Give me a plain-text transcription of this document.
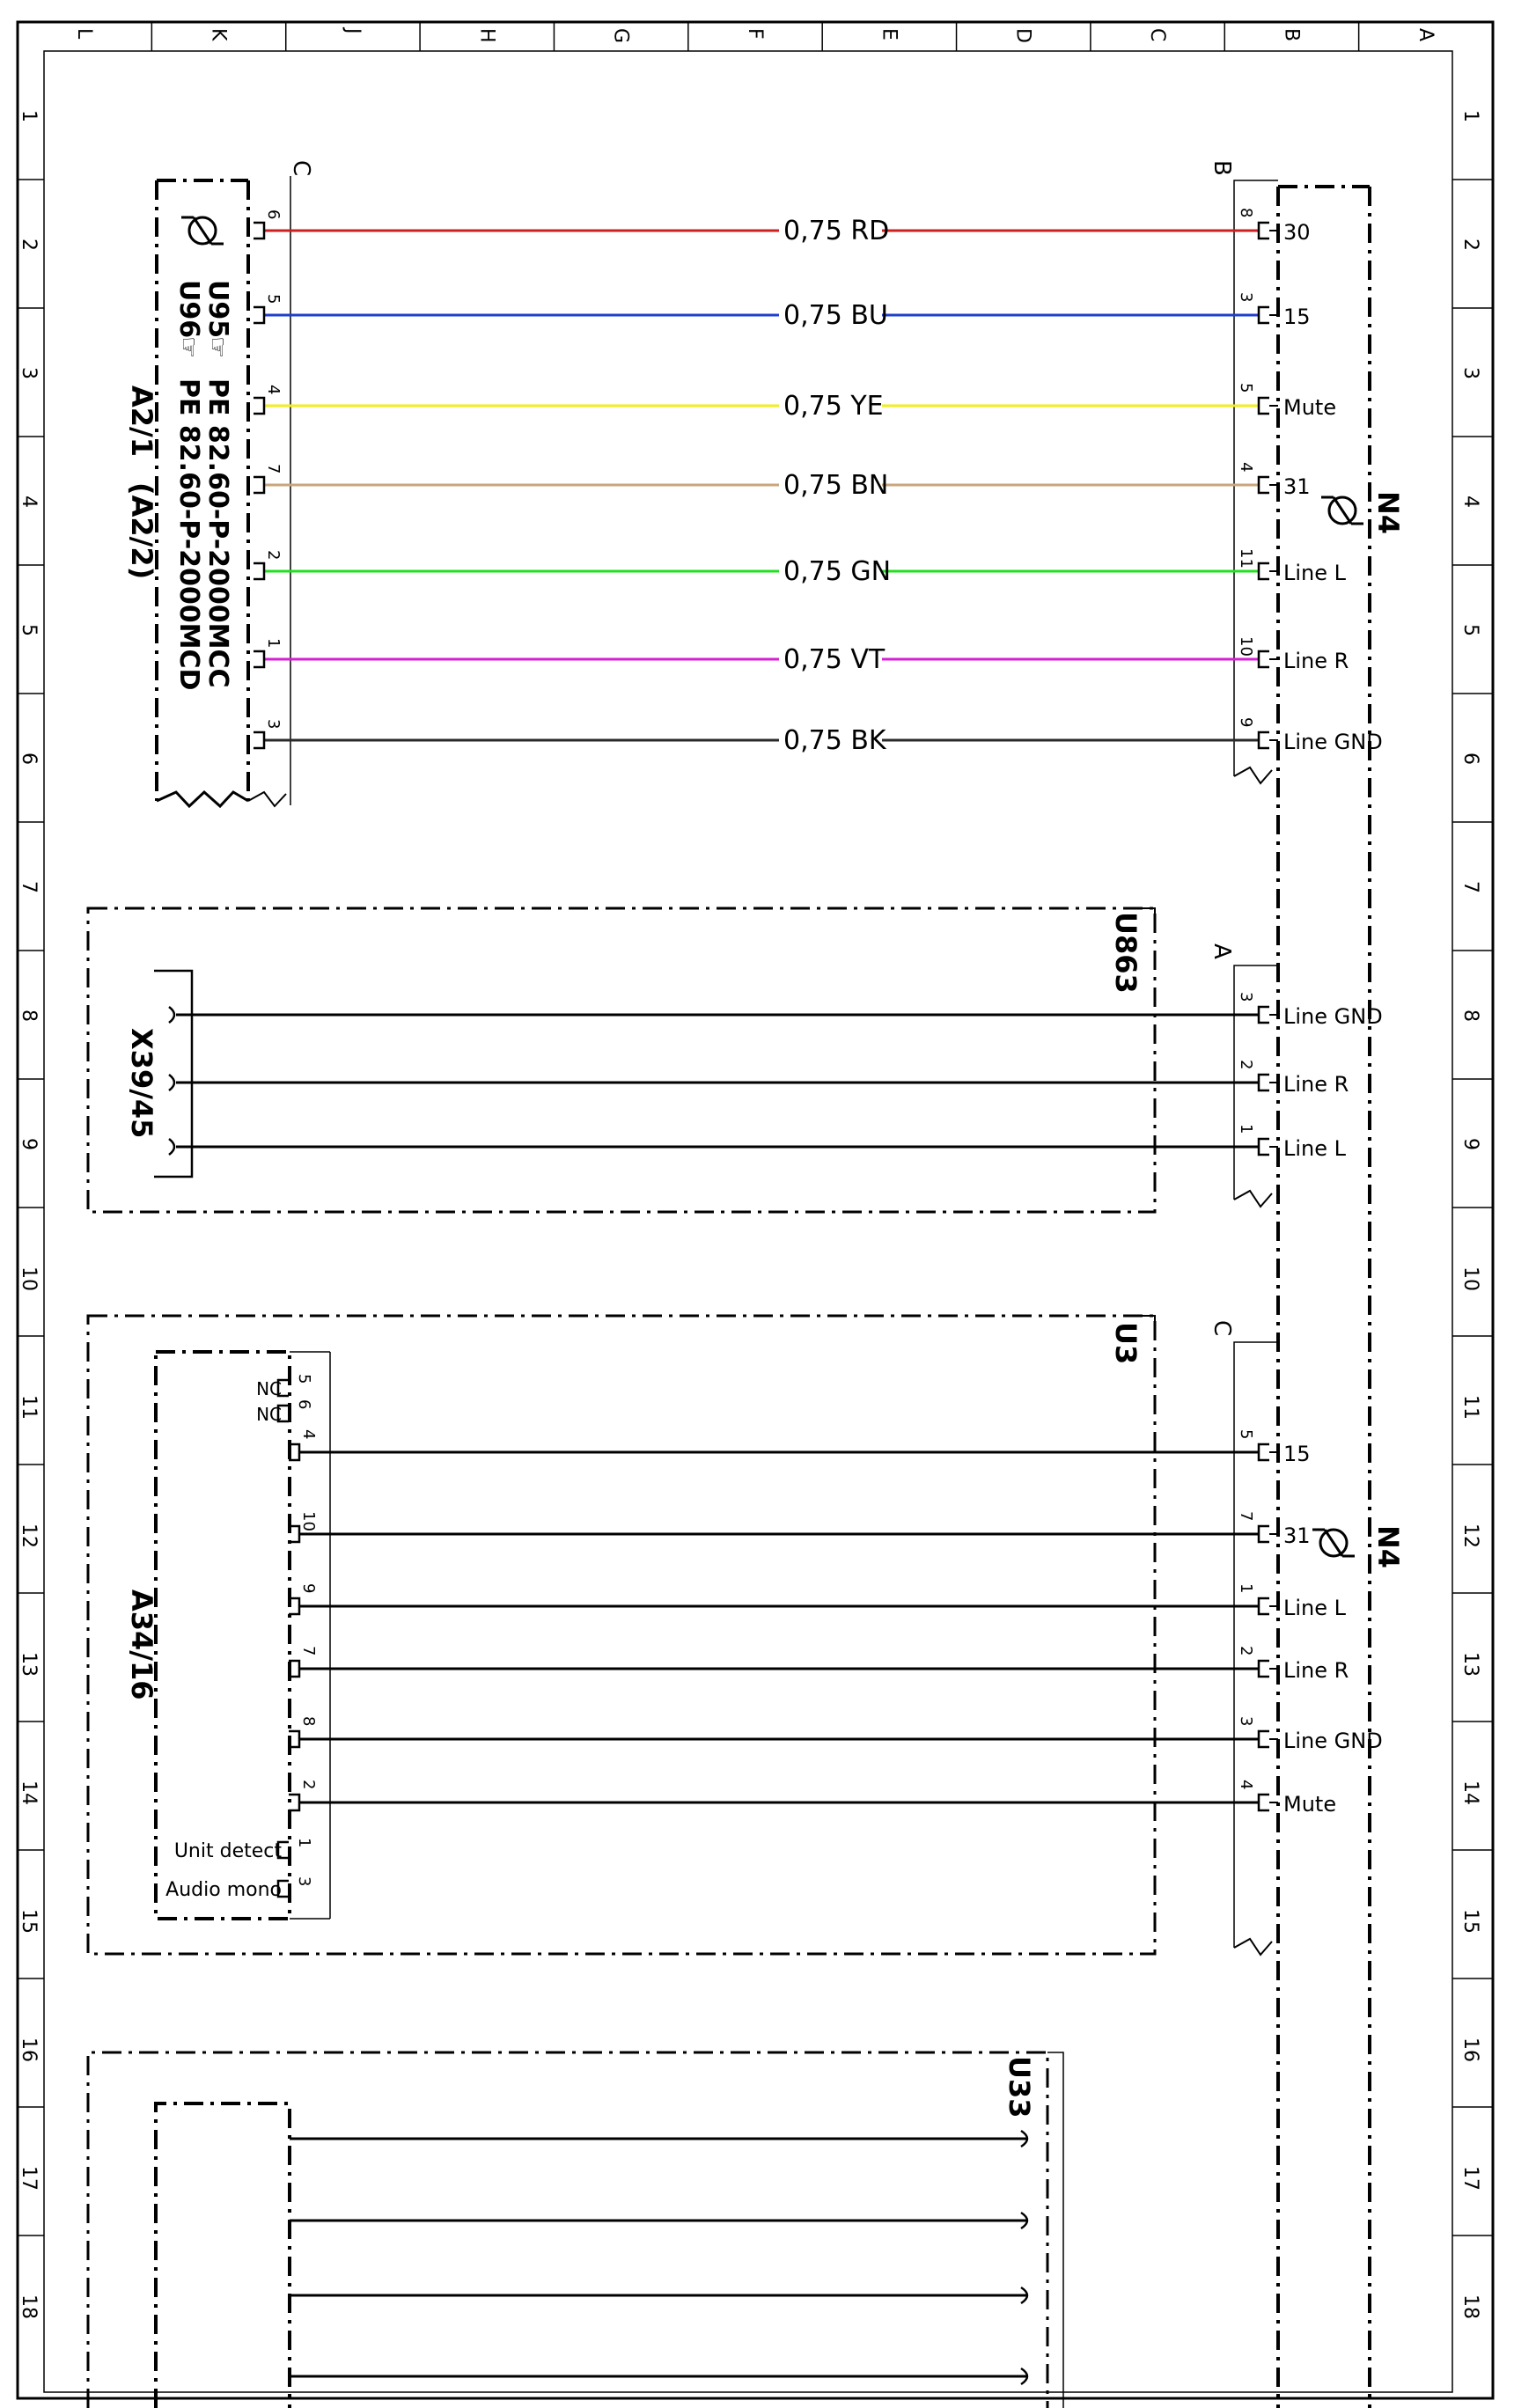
L	K	J	H	G	F	E	D	C	B	A
1	1
2	2
3	3
4	4
5	5
6	6
7	7
8	8
9	9
10	10
11	11
12	12
13	13
14	14
15	15
16	16
17	17
18	18
U95
U96
☞
☞
PE 82.60-P-2000MCC
PE 82.60-P-2000MCD
A2/1
(A2/2)
C	B
N4
0,75 RD
6	8
30
0,75 BU
5	3
15
0,75 YE
4	5
Mute
0,75 BN
7	4
31
0,75 GN
2	11
Line L
0,75 VT
1	10
Line R
0,75 BK
3	9
Line GND
U863
X39/45
A
3
Line GND
2
Line R
1
Line L
U3
A34/16
C
N4
NC 5
NC 6
4	5
15
10	7
31
9	1
Line L
7	2
Line R
8	3
Line GND
2	4
Mute
Unit detect 1
Audio mono 3
U33
